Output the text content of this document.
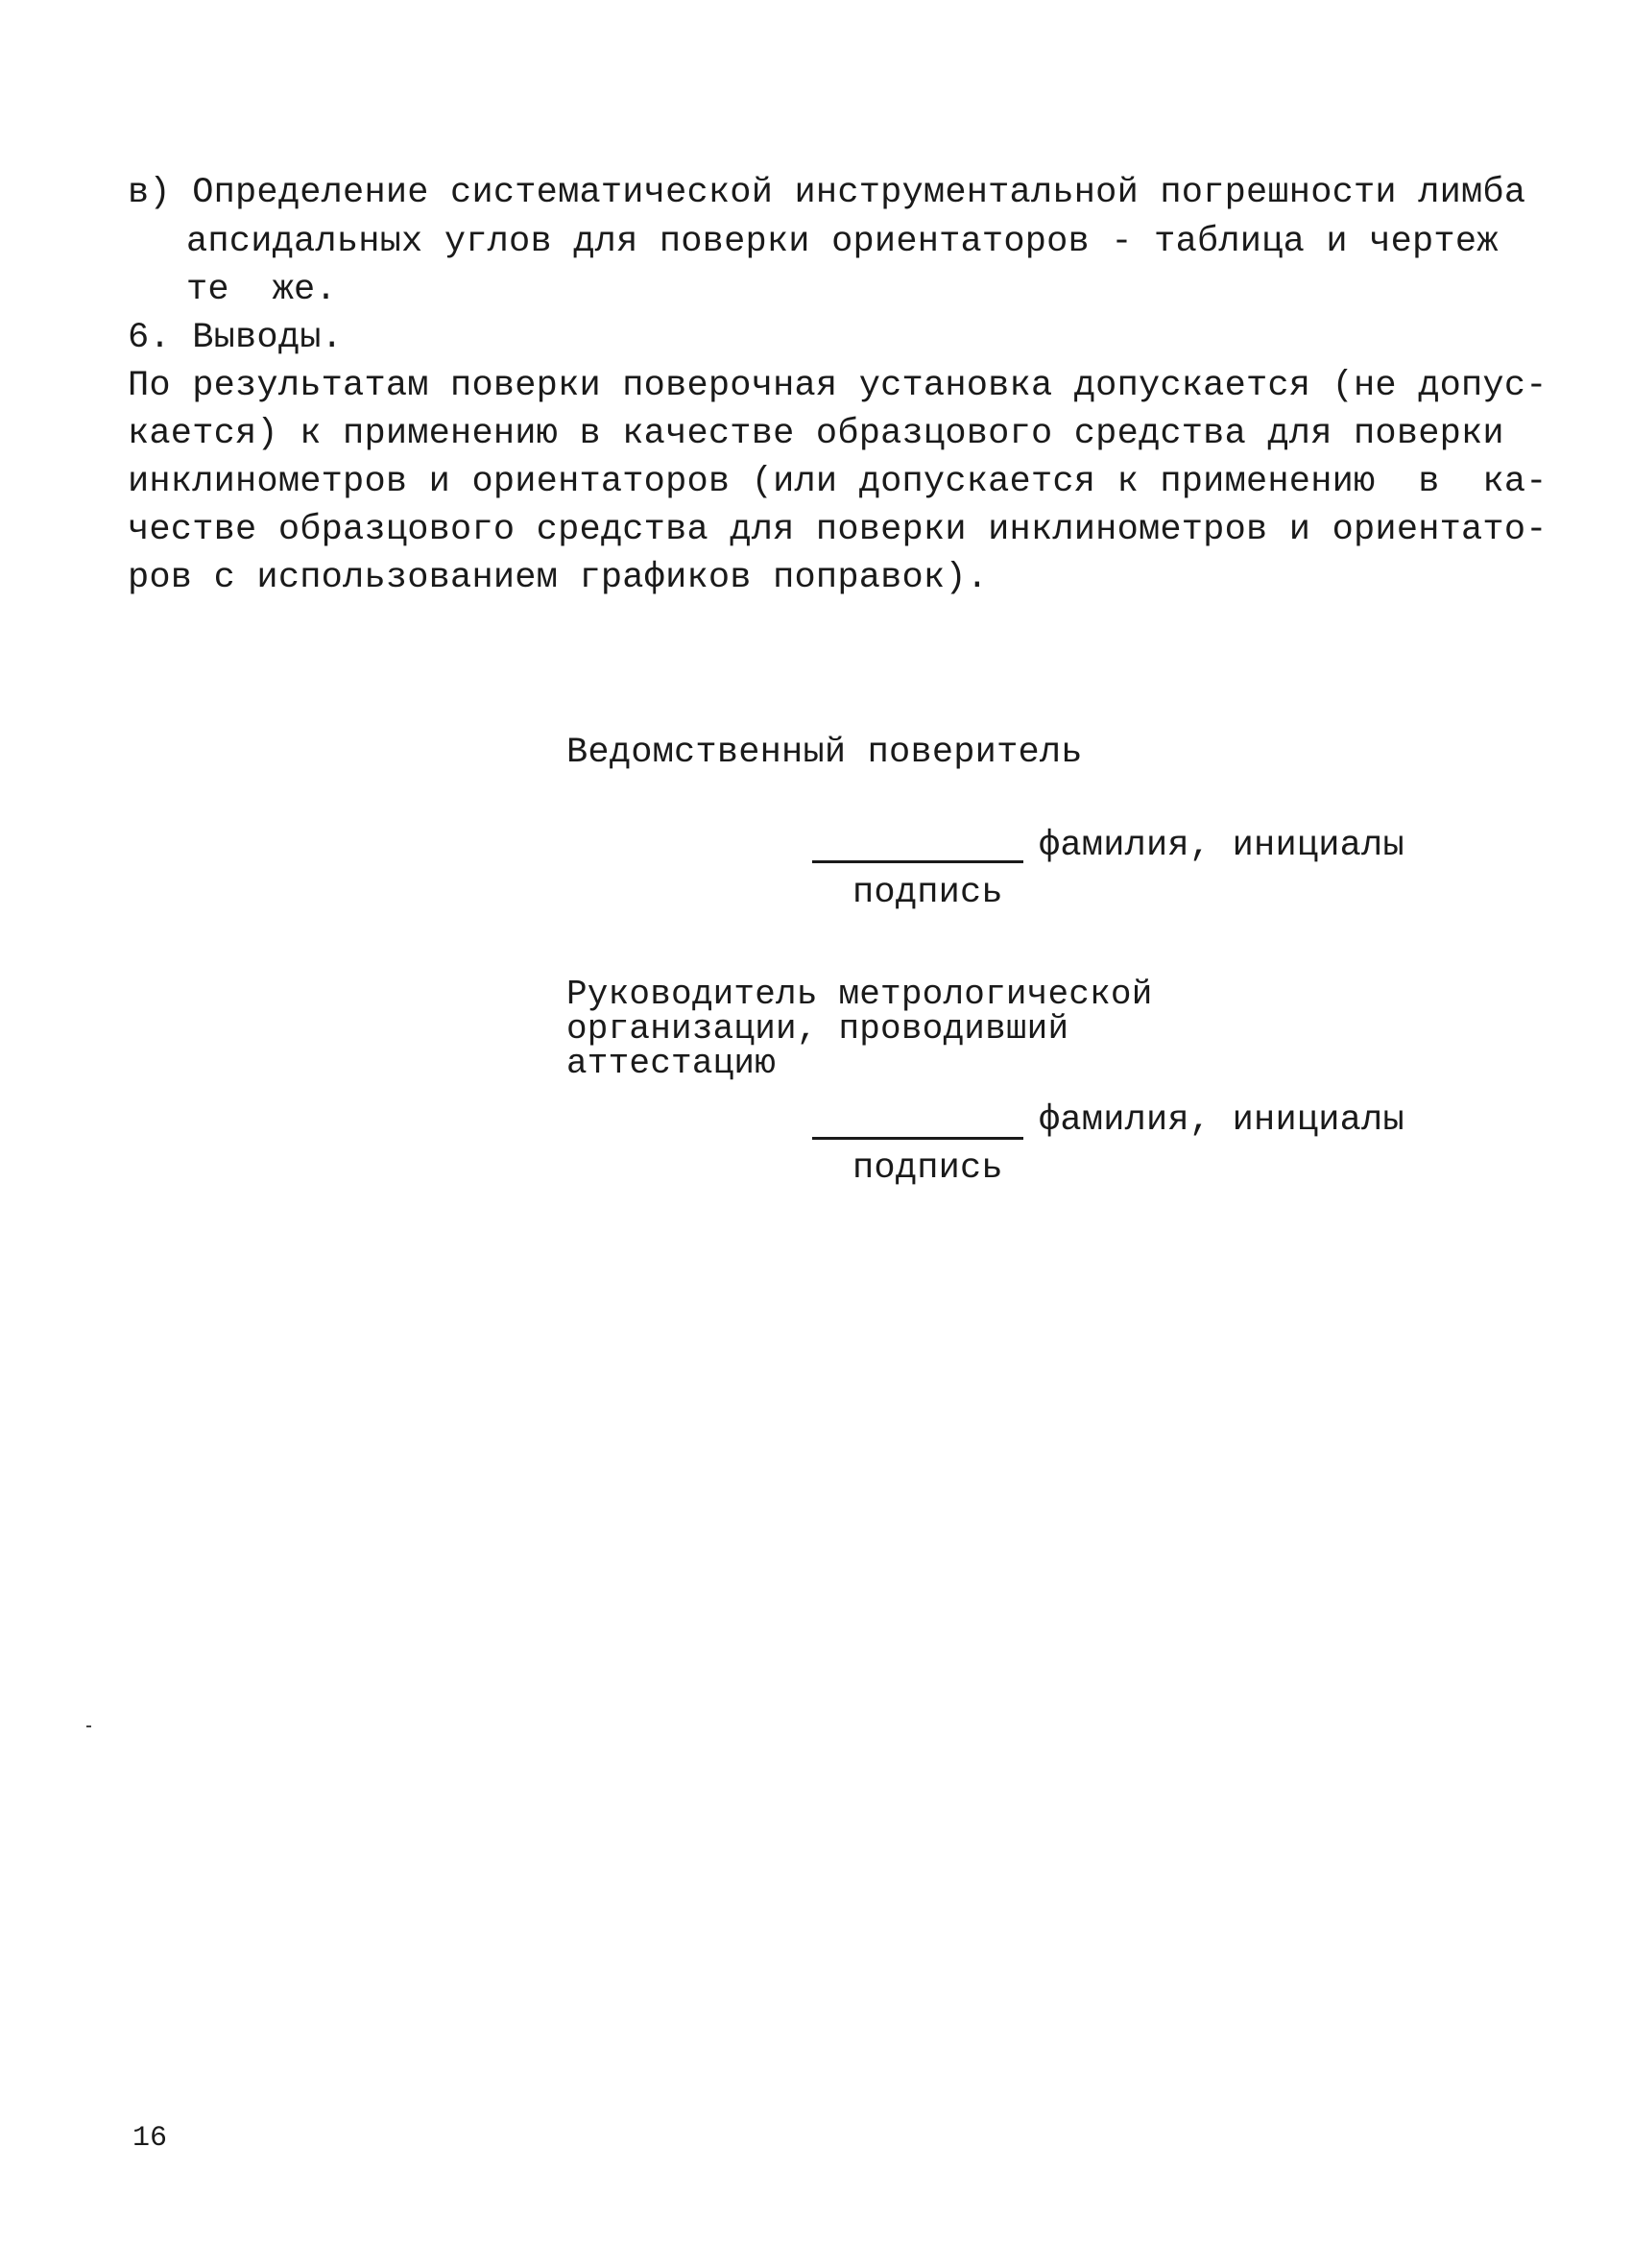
в) Определение систематической инструментальной погрешности лимба
апсидальных углов для поверки ориентаторов - таблица и чертеж
те  же.
6. Выводы.
По результатам поверки поверочная установка допускается (не допус-
кается) к применению в качестве образцового средства для поверки
инклинометров и ориентаторов (или допускается к применению  в  ка-
честве образцового средства для поверки инклинометров и ориентато-
ров с использованием графиков поправок).
Ведомственный поверитель
фамилия, инициалы
подпись
Руководитель метрологической
организации, проводивший
аттестацию
фамилия, инициалы
подпись
16
